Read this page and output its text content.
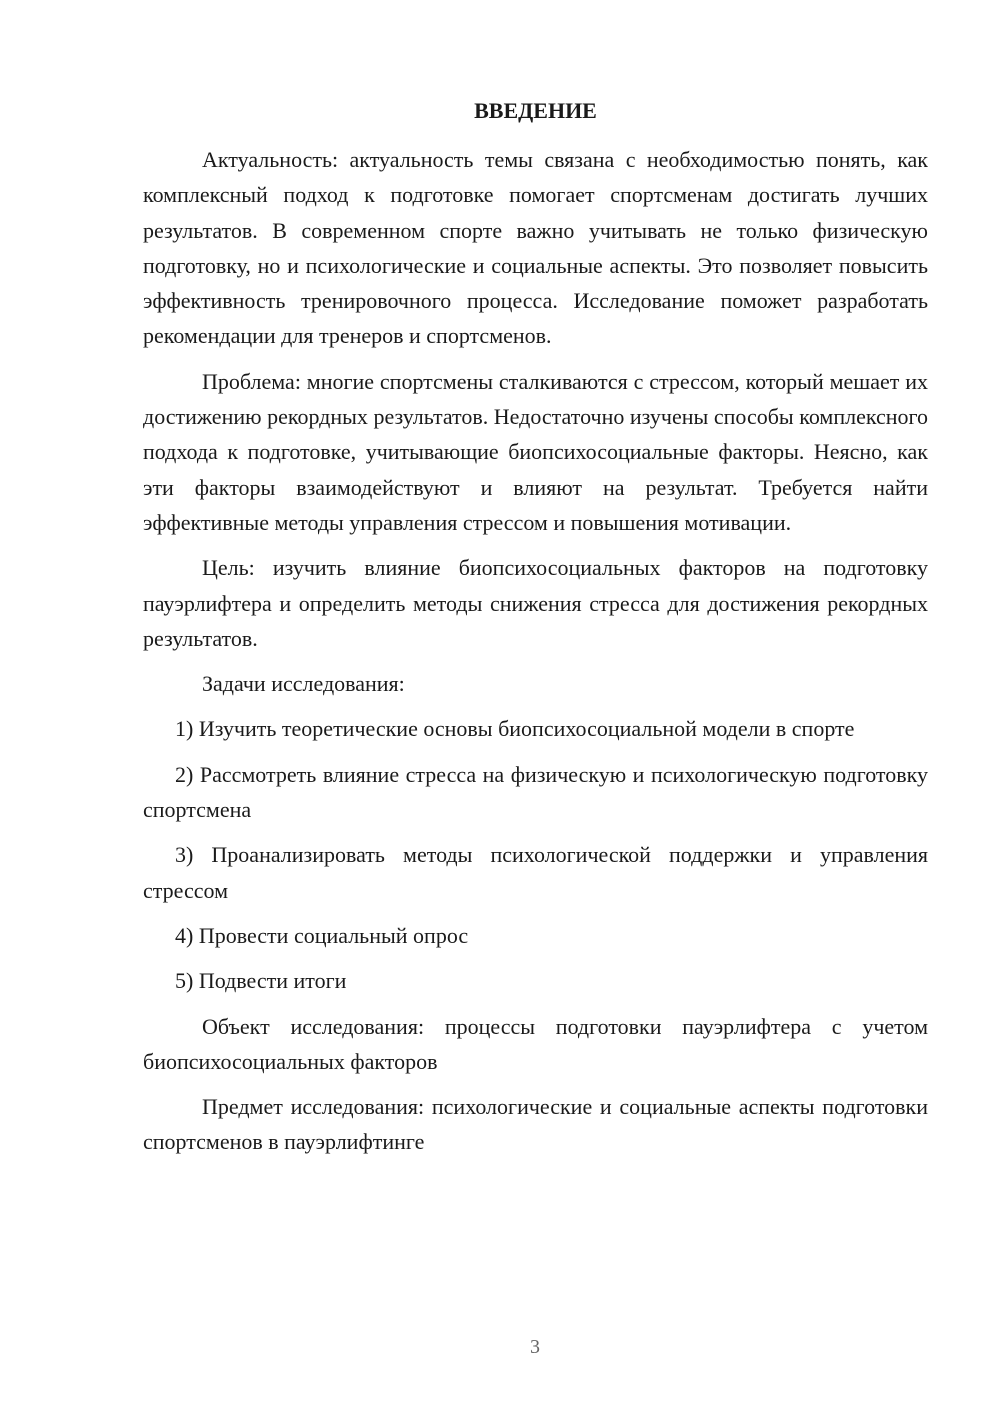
ВВЕДЕНИЕ

Актуальность: актуальность темы связана с необходимостью понять, как комплексный подход к подготовке помогает спортсменам достигать лучших результатов. В современном спорте важно учитывать не только физическую подготовку, но и психологические и социальные аспекты. Это позволяет повысить эффективность тренировочного процесса. Исследование поможет разработать рекомендации для тренеров и спортсменов.

Проблема: многие спортсмены сталкиваются с стрессом, который мешает их достижению рекордных результатов. Недостаточно изучены способы комплексного подхода к подготовке, учитывающие биопсихосоциальные факторы. Неясно, как эти факторы взаимодействуют и влияют на результат. Требуется найти эффективные методы управления стрессом и повышения мотивации.

Цель: изучить влияние биопсихосоциальных факторов на подготовку пауэрлифтера и определить методы снижения стресса для достижения рекордных результатов.

Задачи исследования:

1) Изучить теоретические основы биопсихосоциальной модели в спорте

2) Рассмотреть влияние стресса на физическую и психологическую подготовку спортсмена

3) Проанализировать методы психологической поддержки и управления стрессом

4) Провести социальный опрос

5) Подвести итоги

Объект исследования: процессы подготовки пауэрлифтера с учетом биопсихосоциальных факторов

Предмет исследования: психологические и социальные аспекты подготовки спортсменов в пауэрлифтинге

3
